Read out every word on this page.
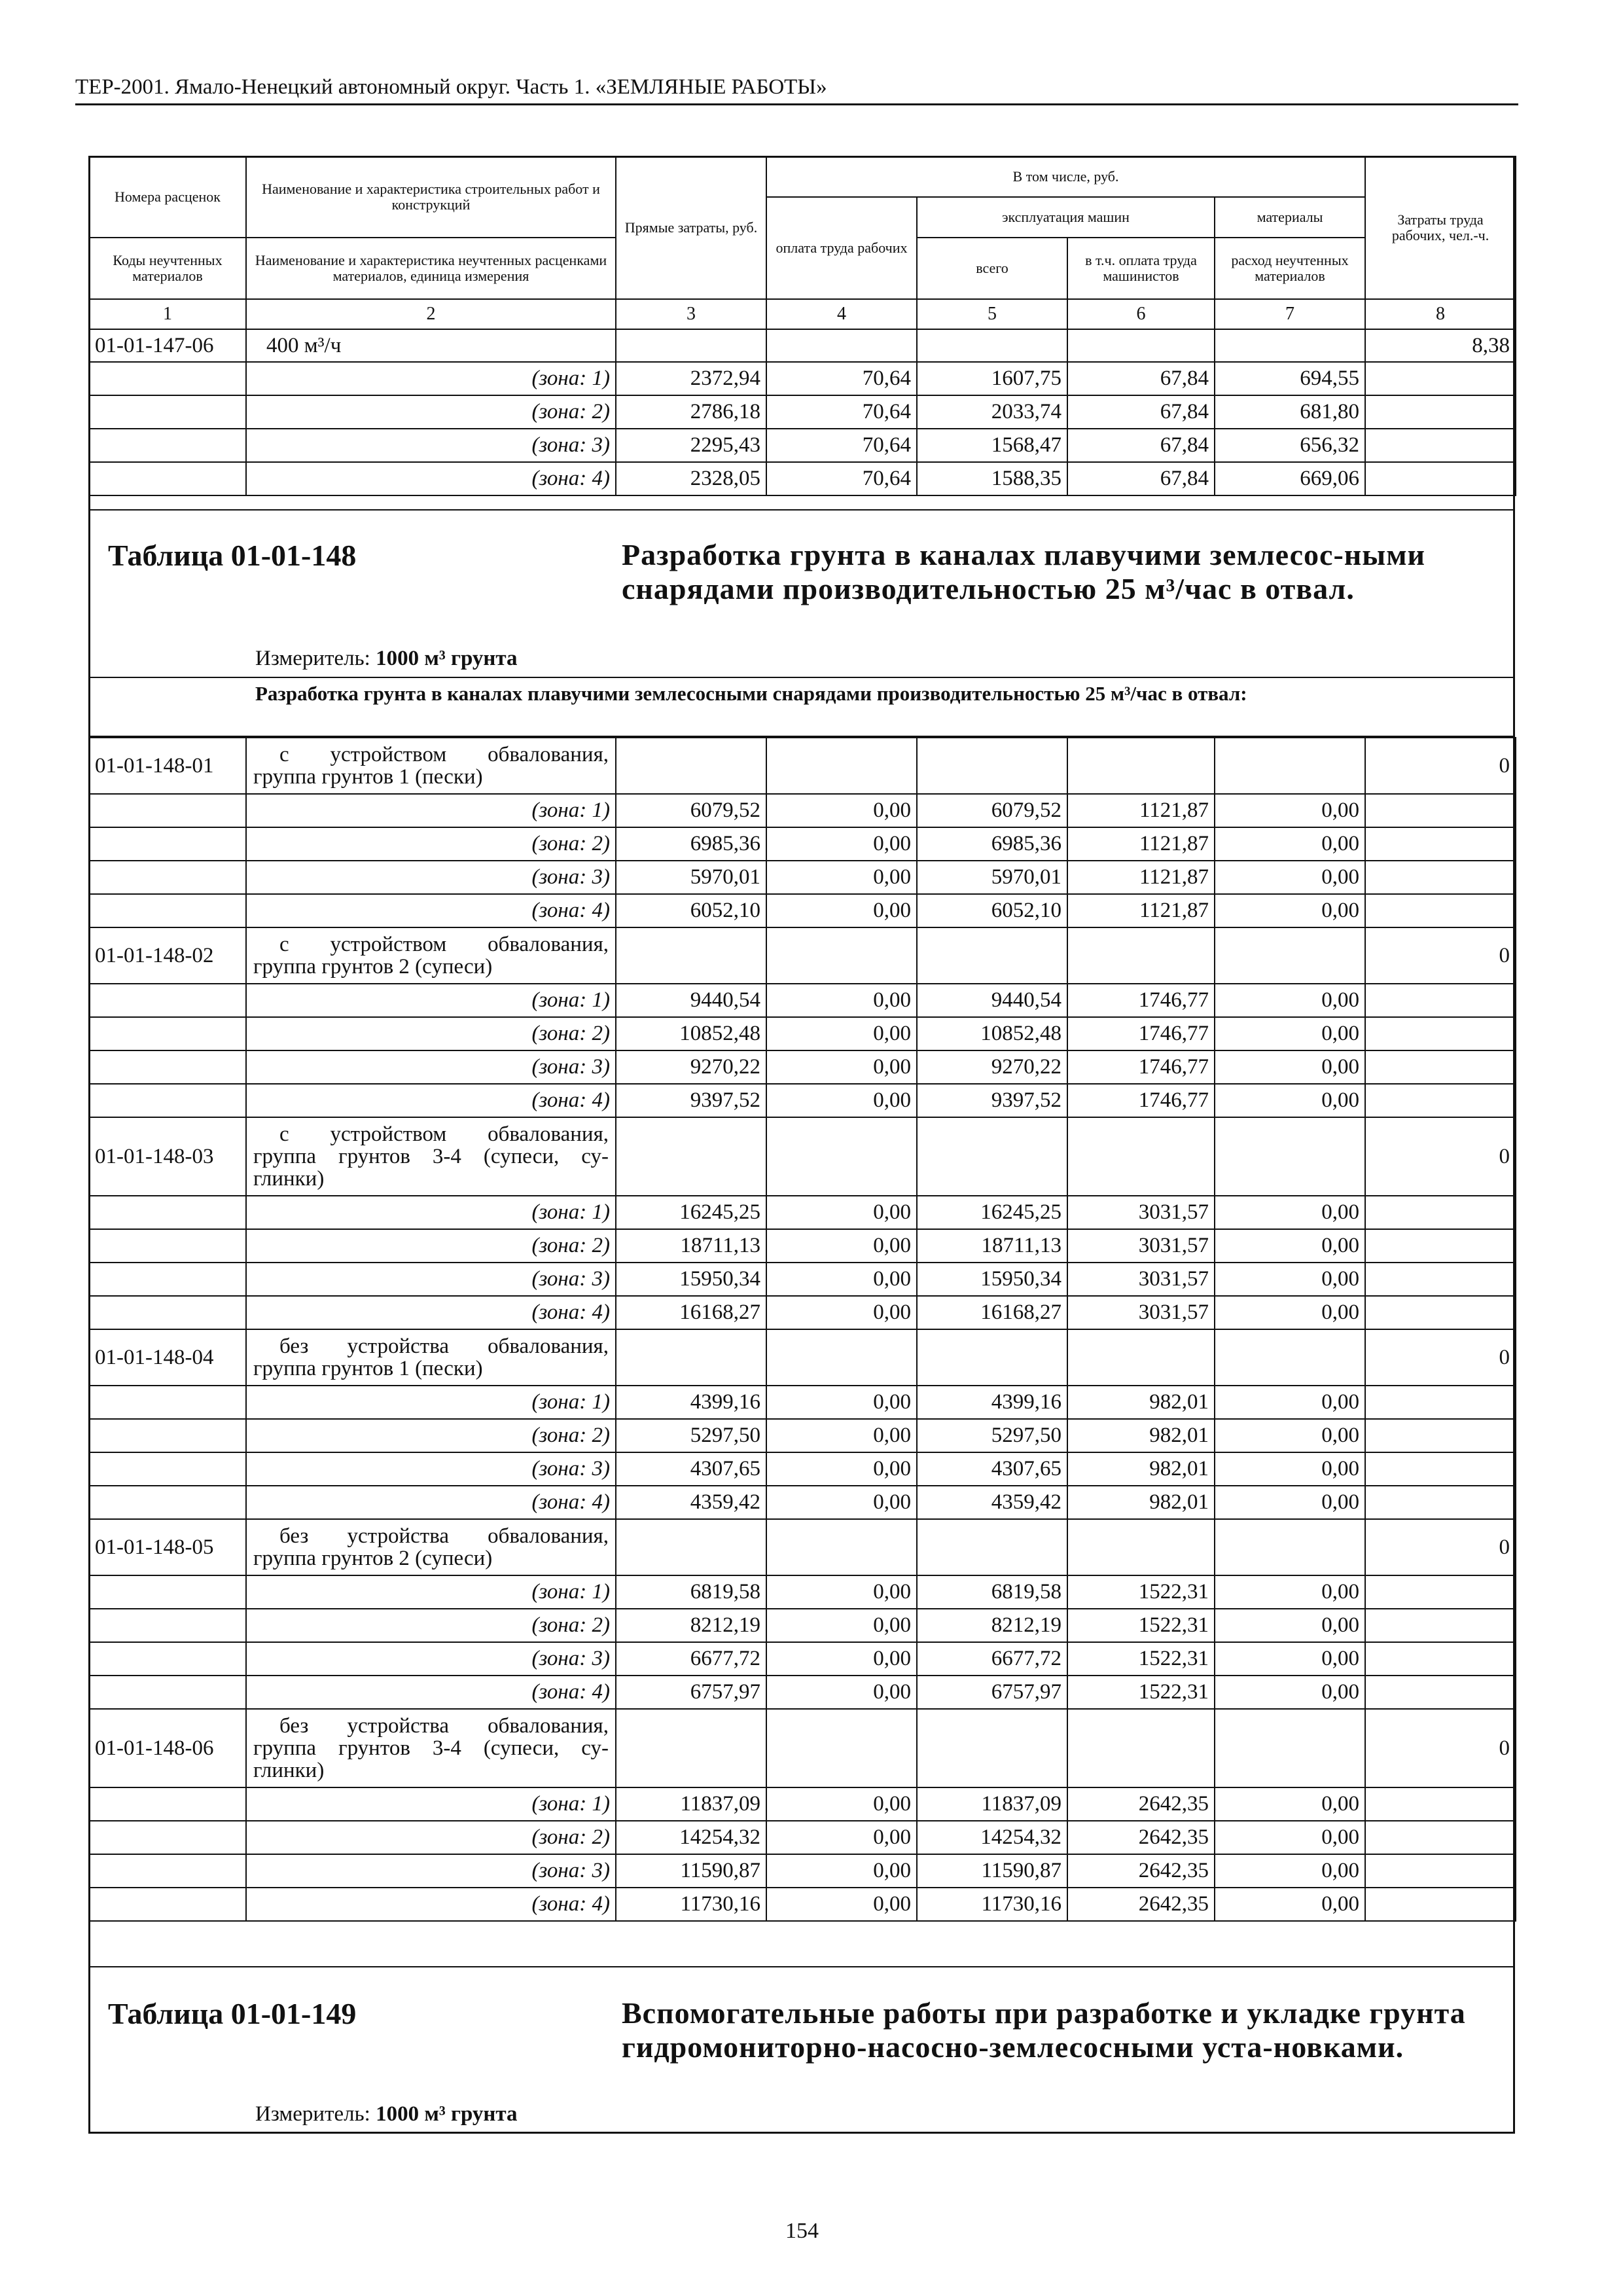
ТЕР-2001. Ямало-Ненецкий автономный округ. Часть 1. «ЗЕМЛЯНЫЕ РАБОТЫ»
Номера расценок	Наименование и характеристика строительных работ и конструкций	Прямые затраты, руб.	В том числе, руб.				Затраты труда рабочих, чел.-ч.
			оплата труда рабочих	эксплуатация машин		материалы	
Коды неучтенных материалов	Наименование и характеристика неучтенных расценками материалов, единица измерения			всего	в т.ч. оплата труда машинистов	расход неучтенных материалов	
1	2	3	4	5	6	7	8
01-01-147-06	400 м³/ч						8,38
	(зона: 1)	2372,94	70,64	1607,75	67,84	694,55	
	(зона: 2)	2786,18	70,64	2033,74	67,84	681,80	
	(зона: 3)	2295,43	70,64	1568,47	67,84	656,32	
	(зона: 4)	2328,05	70,64	1588,35	67,84	669,06	
Таблица 01-01-148	Разработка грунта в каналах плавучими землесос-ными снарядами производительностью 25 м³/час в отвал.
Измеритель: 1000 м³ грунта
Разработка грунта в каналах плавучими землесосными снарядами производительностью 25 м³/час в отвал:
01-01-148-01	с устройством обвалования,
группа грунтов 1 (пески)						0
	(зона: 1)	6079,52	0,00	6079,52	1121,87	0,00	
	(зона: 2)	6985,36	0,00	6985,36	1121,87	0,00	
	(зона: 3)	5970,01	0,00	5970,01	1121,87	0,00	
	(зона: 4)	6052,10	0,00	6052,10	1121,87	0,00	
01-01-148-02	с устройством обвалования,
группа грунтов 2 (супеси)						0
	(зона: 1)	9440,54	0,00	9440,54	1746,77	0,00	
	(зона: 2)	10852,48	0,00	10852,48	1746,77	0,00	
	(зона: 3)	9270,22	0,00	9270,22	1746,77	0,00	
	(зона: 4)	9397,52	0,00	9397,52	1746,77	0,00	
01-01-148-03	с устройством обвалования,
группа грунтов 3-4 (супеси, су-
глинки)						0
	(зона: 1)	16245,25	0,00	16245,25	3031,57	0,00	
	(зона: 2)	18711,13	0,00	18711,13	3031,57	0,00	
	(зона: 3)	15950,34	0,00	15950,34	3031,57	0,00	
	(зона: 4)	16168,27	0,00	16168,27	3031,57	0,00	
01-01-148-04	без устройства обвалования,
группа грунтов 1 (пески)						0
	(зона: 1)	4399,16	0,00	4399,16	982,01	0,00	
	(зона: 2)	5297,50	0,00	5297,50	982,01	0,00	
	(зона: 3)	4307,65	0,00	4307,65	982,01	0,00	
	(зона: 4)	4359,42	0,00	4359,42	982,01	0,00	
01-01-148-05	без устройства обвалования,
группа грунтов 2 (супеси)						0
	(зона: 1)	6819,58	0,00	6819,58	1522,31	0,00	
	(зона: 2)	8212,19	0,00	8212,19	1522,31	0,00	
	(зона: 3)	6677,72	0,00	6677,72	1522,31	0,00	
	(зона: 4)	6757,97	0,00	6757,97	1522,31	0,00	
01-01-148-06	без устройства обвалования,
группа грунтов 3-4 (супеси, су-
глинки)						0
	(зона: 1)	11837,09	0,00	11837,09	2642,35	0,00	
	(зона: 2)	14254,32	0,00	14254,32	2642,35	0,00	
	(зона: 3)	11590,87	0,00	11590,87	2642,35	0,00	
	(зона: 4)	11730,16	0,00	11730,16	2642,35	0,00	
Таблица 01-01-149	Вспомогательные работы при разработке и укладке грунта гидромониторно-насосно-землесосными уста-новками.
Измеритель: 1000 м³ грунта
154
